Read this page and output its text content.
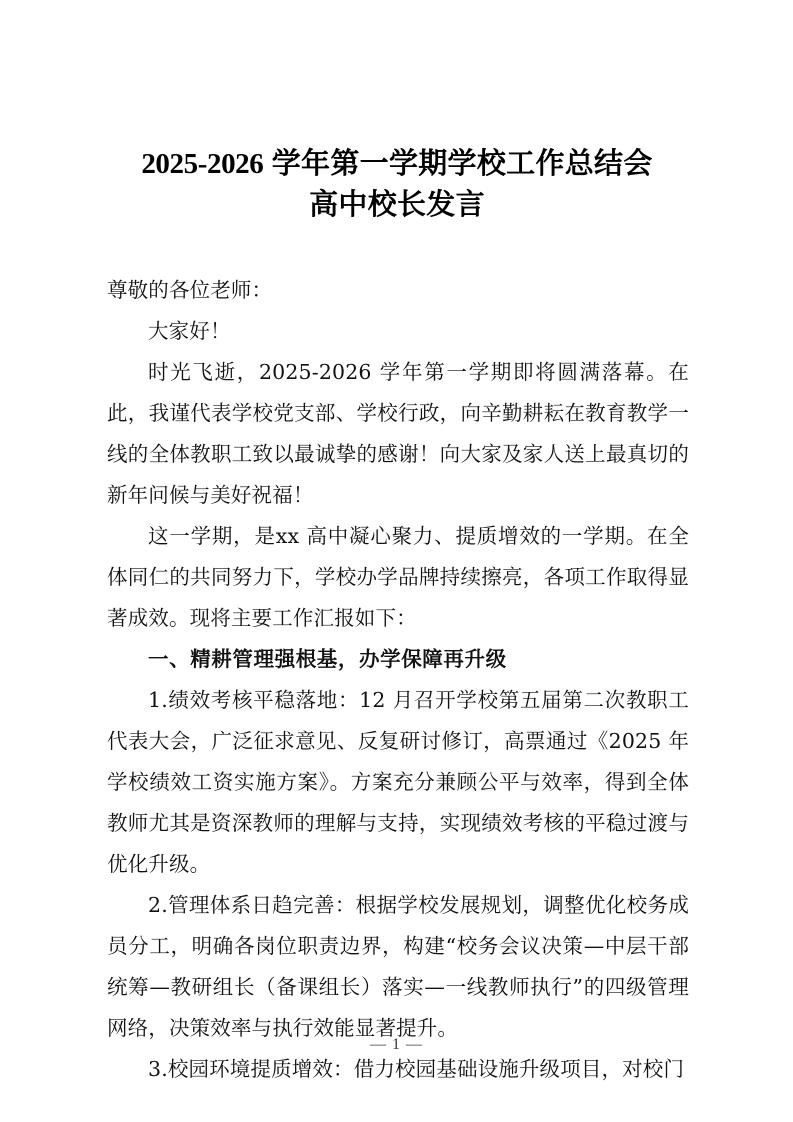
2025-2026 学年第一学期学校工作总结会
高中校长发言

尊敬的各位老师：

大家好！

时光飞逝，2025-2026 学年第一学期即将圆满落幕。在此，我谨代表学校党支部、学校行政，向辛勤耕耘在教育教学一线的全体教职工致以最诚挚的感谢！向大家及家人送上最真切的新年问候与美好祝福！

这一学期，是xx 高中凝心聚力、提质增效的一学期。在全体同仁的共同努力下，学校办学品牌持续擦亮，各项工作取得显著成效。现将主要工作汇报如下：

一、精耕管理强根基，办学保障再升级

1.绩效考核平稳落地：12 月召开学校第五届第二次教职工代表大会，广泛征求意见、反复研讨修订，高票通过《2025 年学校绩效工资实施方案》。方案充分兼顾公平与效率，得到全体教师尤其是资深教师的理解与支持，实现绩效考核的平稳过渡与优化升级。

2.管理体系日趋完善：根据学校发展规划，调整优化校务成员分工，明确各岗位职责边界，构建“校务会议决策—中层干部统筹—教研组长（备课组长）落实—一线教师执行”的四级管理网络，决策效率与执行效能显著提升。

3.校园环境提质增效：借力校园基础设施升级项目，对校门

— 1 —
